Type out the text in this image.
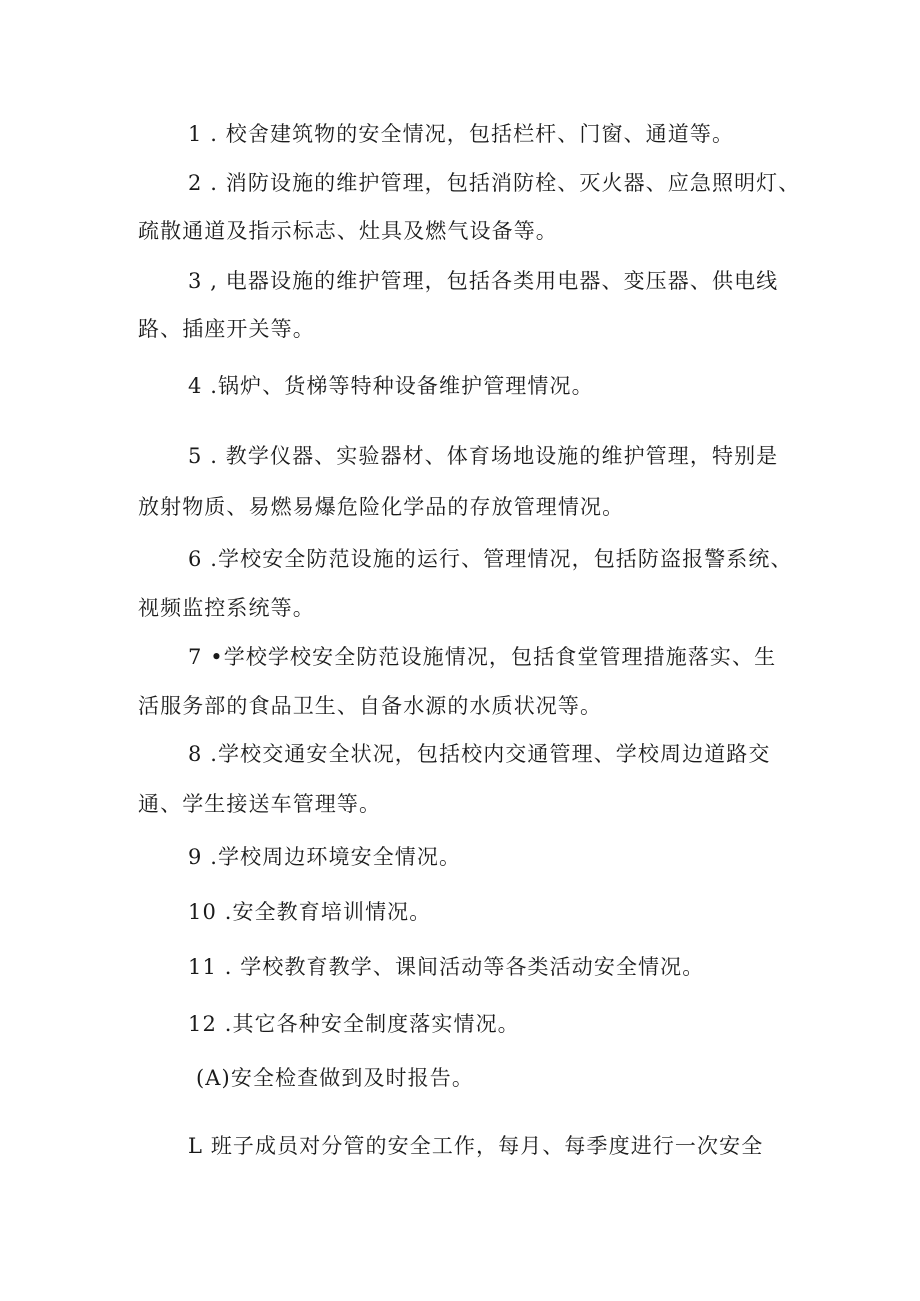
1 . 校舍建筑物的安全情况，包括栏杆、门窗、通道等。
2 . 消防设施的维护管理，包括消防栓、灭火器、应急照明灯、
疏散通道及指示标志、灶具及燃气设备等。
3 , 电器设施的维护管理，包括各类用电器、变压器、供电线
路、插座开关等。
4 .锅炉、货梯等特种设备维护管理情况。
5 . 教学仪器、实验器材、体育场地设施的维护管理，特别是
放射物质、易燃易爆危险化学品的存放管理情况。
6 .学校安全防范设施的运行、管理情况，包括防盗报警系统、
视频监控系统等。
7 •学校学校安全防范设施情况，包括食堂管理措施落实、生
活服务部的食品卫生、自备水源的水质状况等。
8 .学校交通安全状况，包括校内交通管理、学校周边道路交
通、学生接送车管理等。
9 .学校周边环境安全情况。
10 .安全教育培训情况。
11 . 学校教育教学、课间活动等各类活动安全情况。
12 .其它各种安全制度落实情况。
(A)安全检查做到及时报告。
L 班子成员对分管的安全工作，每月、每季度进行一次安全
